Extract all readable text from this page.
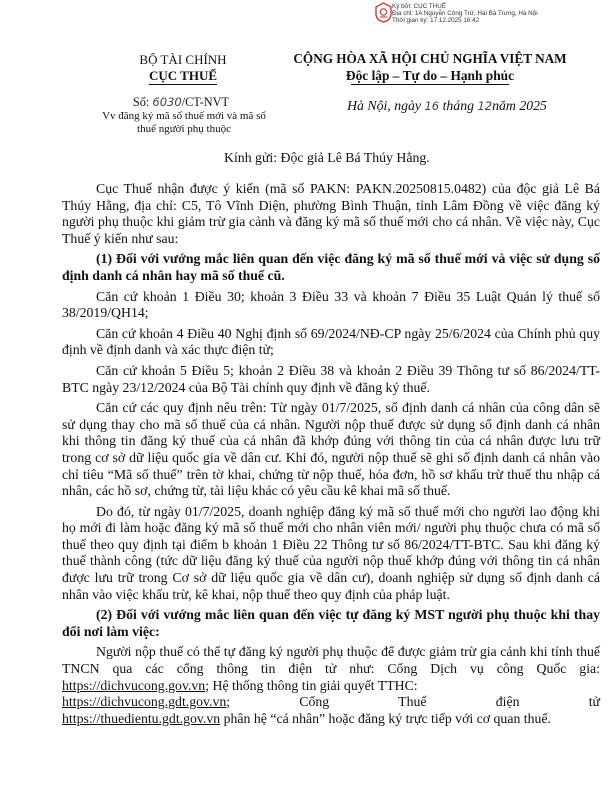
Ký bởi: CỤC THUẾ
Địa chỉ: 1A Nguyễn Công Trứ, Hai Bà Trưng, Hà Nội
Thời gian ký: 17.12.2025 16:42
BỘ TÀI CHÍNH
CỤC THUẾ
CỘNG HÒA XÃ HỘI CHỦ NGHĨA VIỆT NAM
Độc lập – Tự do – Hạnh phúc
Số: 6030/CT-NVT
Vv đăng ký mã số thuế mới và mã số thuế người phụ thuộc
Hà Nội, ngày 16 tháng 12năm 2025
Kính gửi: Độc giả Lê Bá Thúy Hằng.

Cục Thuế nhận được ý kiến (mã số PAKN: PAKN.20250815.0482) của độc giả Lê Bá Thúy Hằng, địa chỉ: C5, Tô Vĩnh Diện, phường Bình Thuận, tỉnh Lâm Đồng về việc đăng ký người phụ thuộc khi giảm trừ gia cảnh và đăng ký mã số thuế mới cho cá nhân. Về việc này, Cục Thuế ý kiến như sau:

(1) Đối với vướng mắc liên quan đến việc đăng ký mã số thuế mới và việc sử dụng số định danh cá nhân hay mã số thuế cũ.

Căn cứ khoản 1 Điều 30; khoản 3 Điều 33 và khoản 7 Điều 35 Luật Quản lý thuế số 38/2019/QH14;

Căn cứ khoản 4 Điều 40 Nghị định số 69/2024/NĐ-CP ngày 25/6/2024 của Chính phủ quy định về định danh và xác thực điện tử;

Căn cứ khoản 5 Điều 5; khoản 2 Điều 38 và khoản 2 Điều 39 Thông tư số 86/2024/TT-BTC ngày 23/12/2024 của Bộ Tài chính quy định về đăng ký thuế.

Căn cứ các quy định nêu trên: Từ ngày 01/7/2025, số định danh cá nhân của công dân sẽ sử dụng thay cho mã số thuế của cá nhân. Người nộp thuế được sử dụng số định danh cá nhân khi thông tin đăng ký thuế của cá nhân đã khớp đúng với thông tin của cá nhân được lưu trữ trong cơ sở dữ liệu quốc gia về dân cư. Khi đó, người nộp thuế sẽ ghi số định danh cá nhân vào chỉ tiêu “Mã số thuế” trên tờ khai, chứng từ nộp thuế, hóa đơn, hồ sơ khấu trừ thuế thu nhập cá nhân, các hồ sơ, chứng từ, tài liệu khác có yêu cầu kê khai mã số thuế.

Do đó, từ ngày 01/7/2025, doanh nghiệp đăng ký mã số thuế mới cho người lao động khi họ mới đi làm hoặc đăng ký mã số thuế mới cho nhân viên mới/ người phụ thuộc chưa có mã số thuế theo quy định tại điểm b khoản 1 Điều 22 Thông tư số 86/2024/TT-BTC. Sau khi đăng ký thuế thành công (tức dữ liệu đăng ký thuế của người nộp thuế khớp đúng với thông tin cá nhân được lưu trữ trong Cơ sở dữ liệu quốc gia về dân cư), doanh nghiệp sử dụng số định danh cá nhân vào việc khấu trừ, kê khai, nộp thuế theo quy định của pháp luật.

(2) Đối với vướng mắc liên quan đến việc tự đăng ký MST người phụ thuộc khi thay đổi nơi làm việc:

Người nộp thuế có thể tự đăng ký người phụ thuộc để được giảm trừ gia cảnh khi tính thuế TNCN qua các cổng thông tin điện tử như: Cổng Dịch vụ công Quốc gia: https://dichvucong.gov.vn; Hệ thống thông tin giải quyết TTHC:

https://dichvucong.gdt.gov.vn; Cổng	Thuế	điện	tử
https://thuedientu.gdt.gov.vn phân hệ “cá nhân” hoặc đăng ký trực tiếp với cơ quan thuế.
